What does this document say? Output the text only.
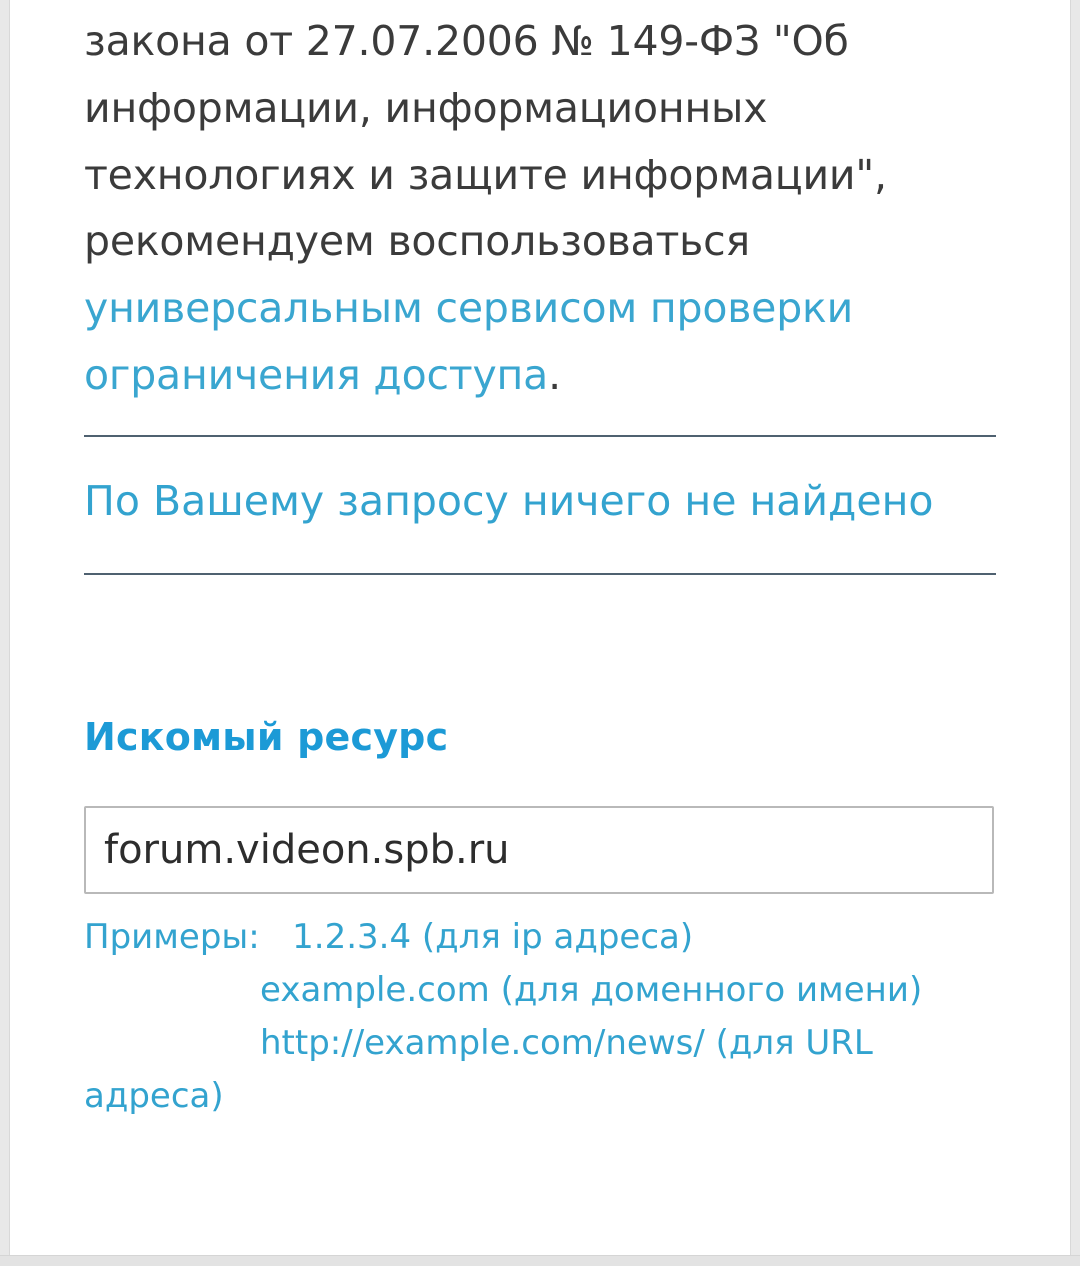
закона от 27.07.2006 № 149-ФЗ "Об
информации, информационных
технологиях и защите информации",
рекомендуем воспользоваться универсальным сервисом проверки ограничения доступа.

По Вашему запросу ничего не найдено
Искомый ресурс
forum.videon.spb.ru
Примеры: 1.2.3.4 (для ip адреса)
example.com (для доменного имени)
http://example.com/news/ (для URL адреса)
